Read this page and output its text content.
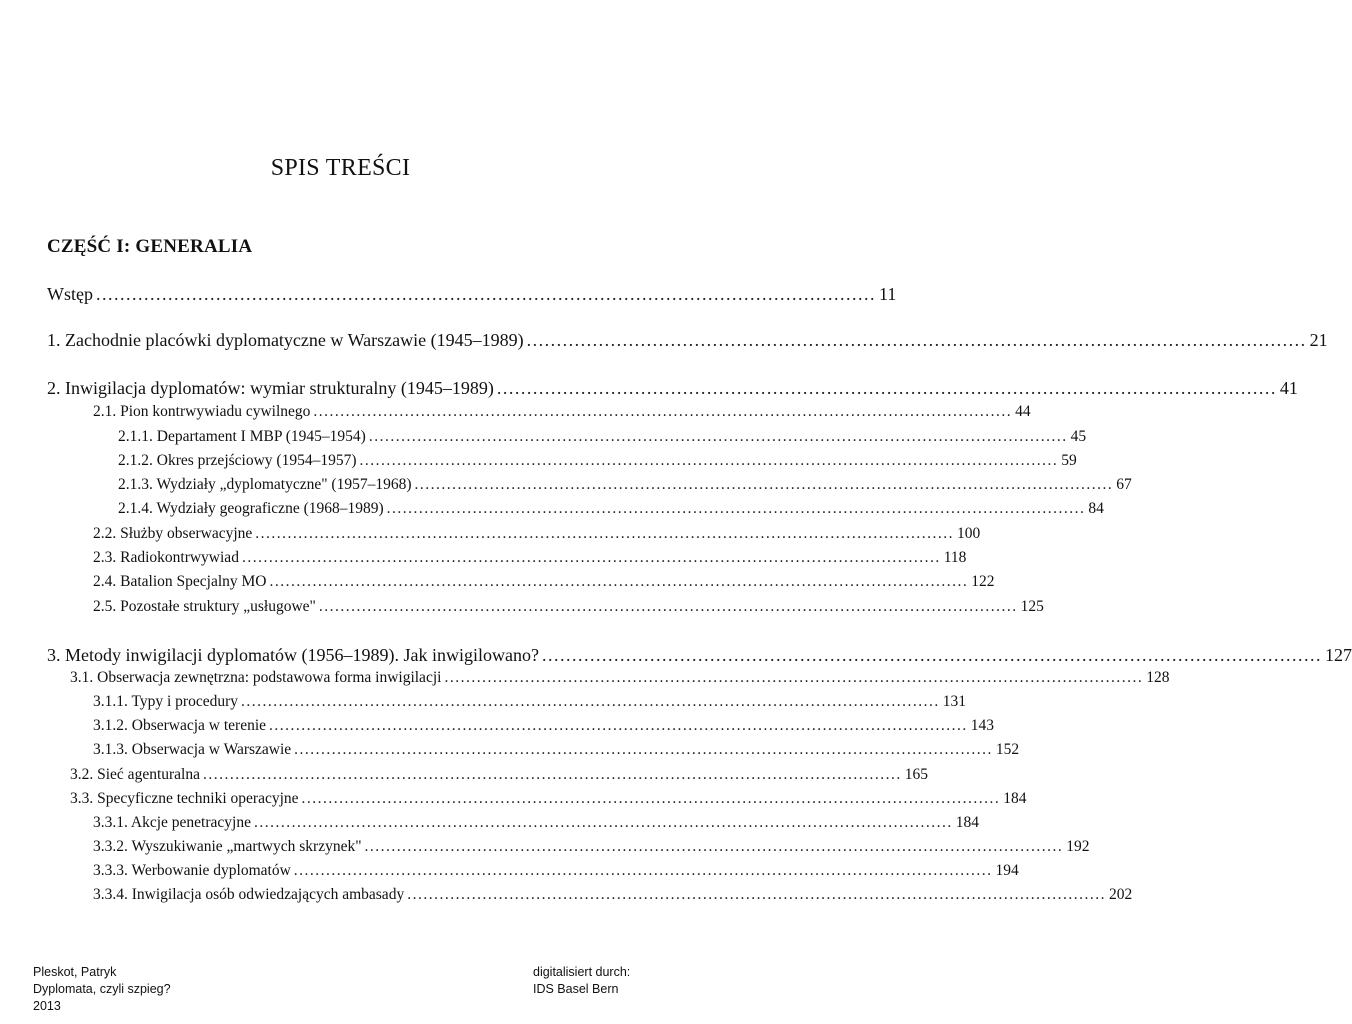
SPIS TREŚCI
CZĘŚĆ I: GENERALIA
Wstęp .................................................................................................................................. 11
1. Zachodnie placówki dyplomatyczne w Warszawie (1945–1989) .................................................................................................................................. 21
2. Inwigilacja dyplomatów: wymiar strukturalny (1945–1989) .................................................................................................................................. 41
2.1. Pion kontrwywiadu cywilnego .................................................................................................................................. 44
2.1.1. Departament I MBP (1945–1954) .................................................................................................................................. 45
2.1.2. Okres przejściowy (1954–1957) .................................................................................................................................. 59
2.1.3. Wydziały „dyplomatyczne" (1957–1968) .................................................................................................................................. 67
2.1.4. Wydziały geograficzne (1968–1989) .................................................................................................................................. 84
2.2. Służby obserwacyjne .................................................................................................................................. 100
2.3. Radiokontrwywiad .................................................................................................................................. 118
2.4. Batalion Specjalny MO .................................................................................................................................. 122
2.5. Pozostałe struktury „usługowe" .................................................................................................................................. 125
3. Metody inwigilacji dyplomatów (1956–1989). Jak inwigilowano? .................................................................................................................................. 127
3.1. Obserwacja zewnętrzna: podstawowa forma inwigilacji .................................................................................................................................. 128
3.1.1. Typy i procedury .................................................................................................................................. 131
3.1.2. Obserwacja w terenie .................................................................................................................................. 143
3.1.3. Obserwacja w Warszawie .................................................................................................................................. 152
3.2. Sieć agenturalna .................................................................................................................................. 165
3.3. Specyficzne techniki operacyjne .................................................................................................................................. 184
3.3.1. Akcje penetracyjne .................................................................................................................................. 184
3.3.2. Wyszukiwanie „martwych skrzynek" .................................................................................................................................. 192
3.3.3. Werbowanie dyplomatów .................................................................................................................................. 194
3.3.4. Inwigilacja osób odwiedzających ambasady .................................................................................................................................. 202
Pleskot, Patryk
Dyplomata, czyli szpieg?
2013
digitalisiert durch:
IDS Basel Bern
